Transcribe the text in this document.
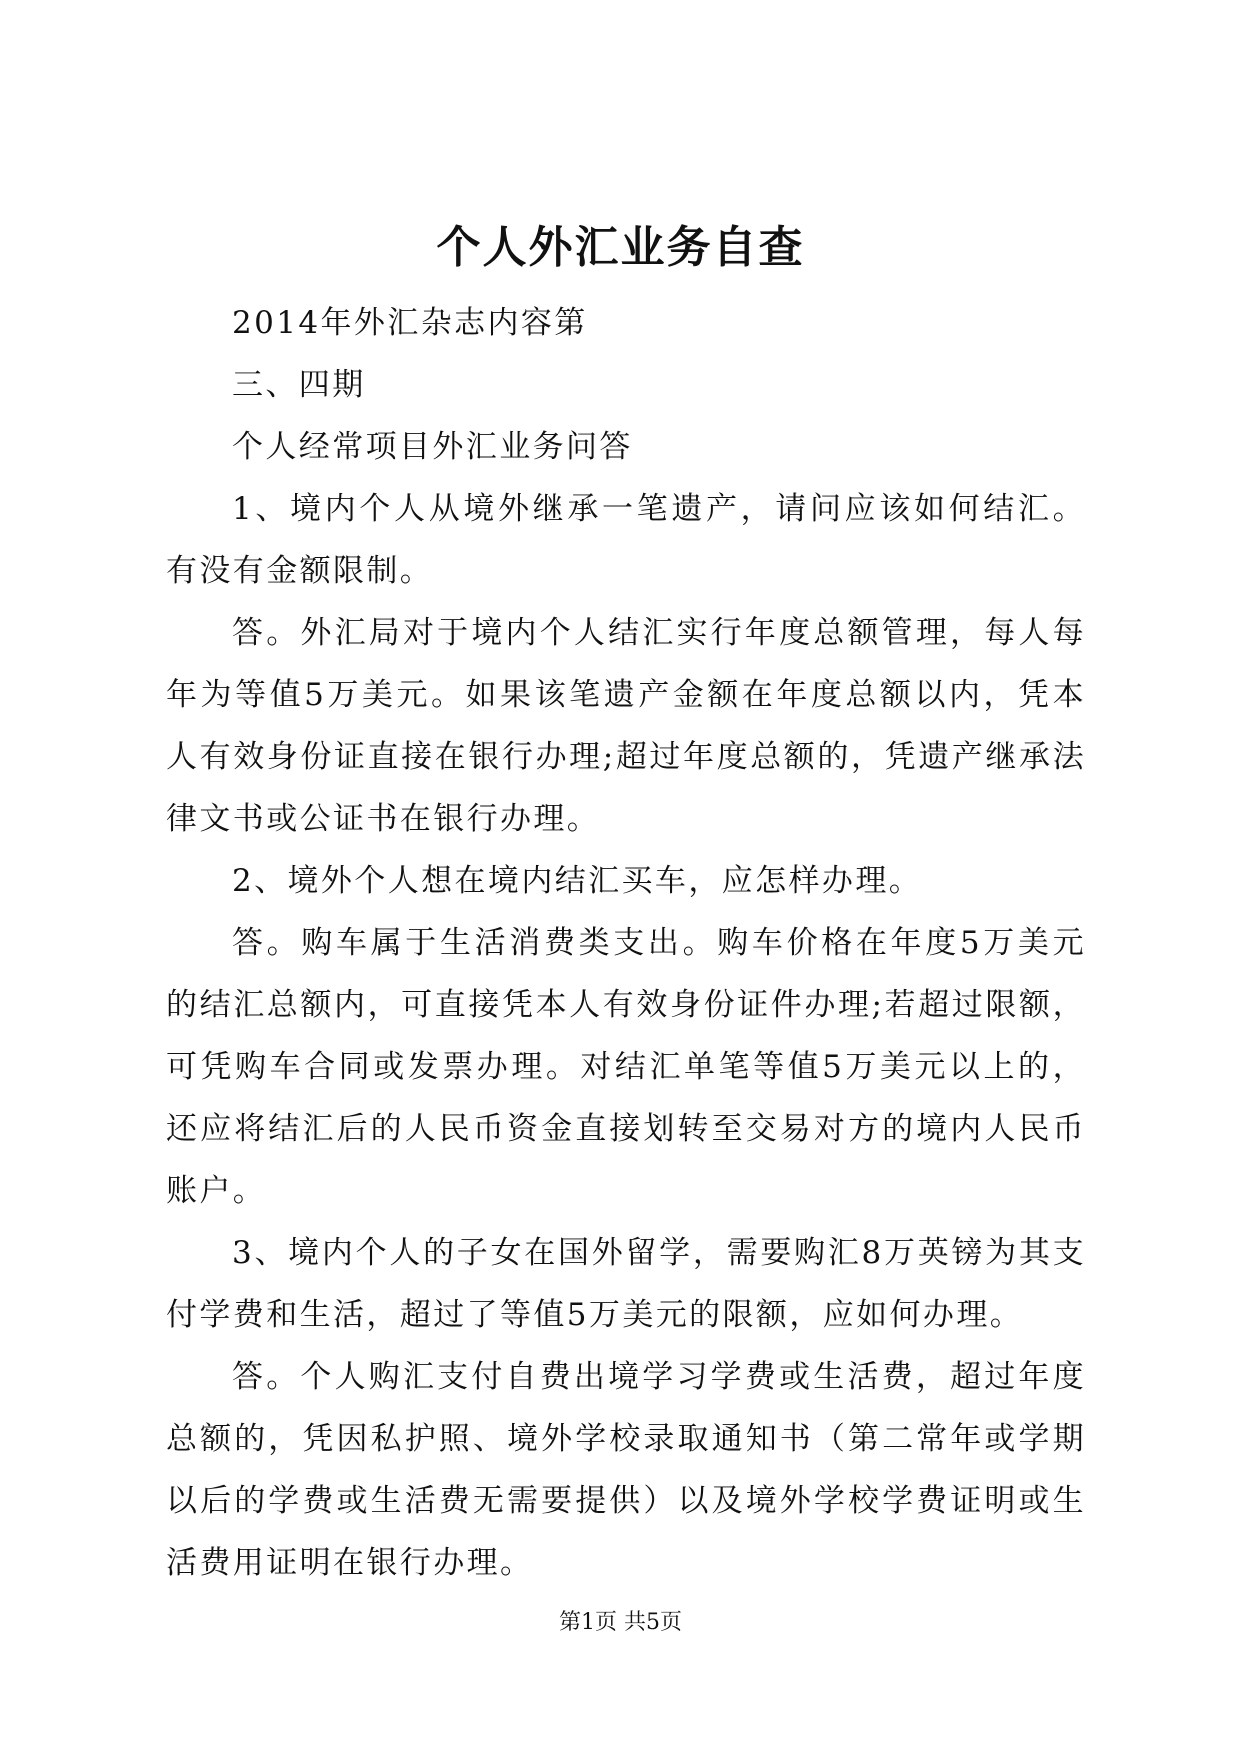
个人外汇业务自查

2014年外汇杂志内容第

三、四期

个人经常项目外汇业务问答

1、境内个人从境外继承一笔遗产，请问应该如何结汇。有没有金额限制。

答。外汇局对于境内个人结汇实行年度总额管理，每人每年为等值5万美元。如果该笔遗产金额在年度总额以内，凭本人有效身份证直接在银行办理;超过年度总额的，凭遗产继承法律文书或公证书在银行办理。

2、境外个人想在境内结汇买车，应怎样办理。

答。购车属于生活消费类支出。购车价格在年度5万美元的结汇总额内，可直接凭本人有效身份证件办理;若超过限额，可凭购车合同或发票办理。对结汇单笔等值5万美元以上的，还应将结汇后的人民币资金直接划转至交易对方的境内人民币账户。

3、境内个人的子女在国外留学，需要购汇8万英镑为其支付学费和生活，超过了等值5万美元的限额，应如何办理。

答。个人购汇支付自费出境学习学费或生活费，超过年度总额的，凭因私护照、境外学校录取通知书（第二常年或学期以后的学费或生活费无需要提供）以及境外学校学费证明或生活费用证明在银行办理。

第1页 共5页
